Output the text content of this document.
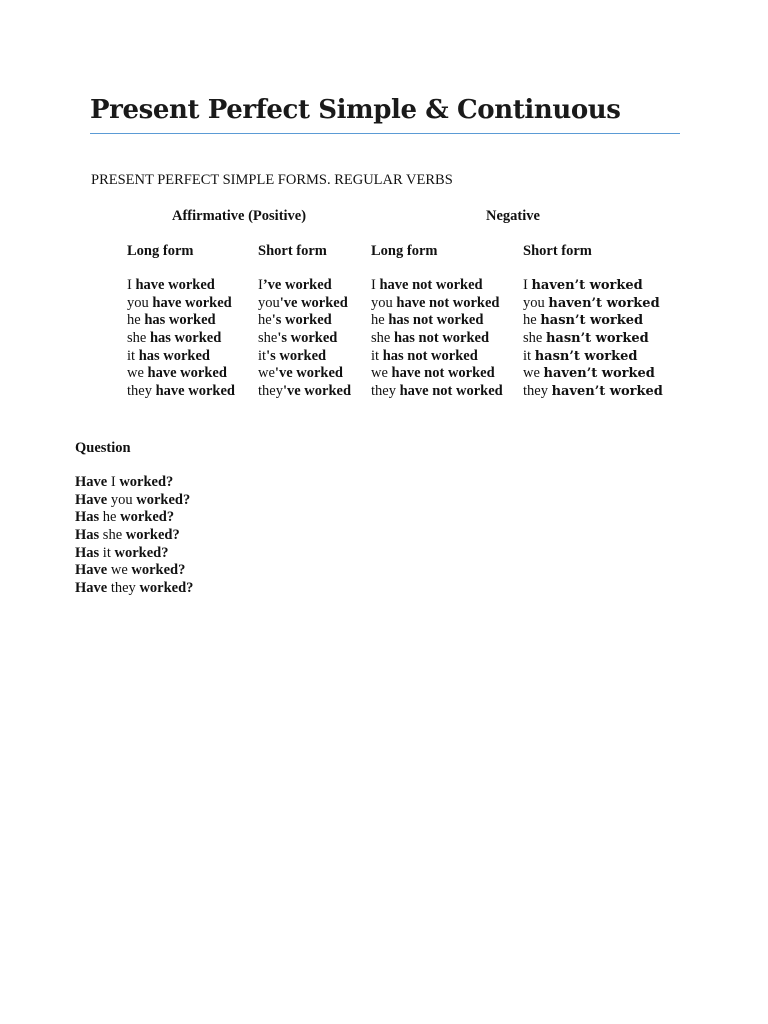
Present Perfect Simple & Continuous
PRESENT PERFECT SIMPLE FORMS. REGULAR VERBS
Affirmative (Positive)	Negative
Long form
I have worked
you have worked
he has worked
she has worked
it has worked
we have worked
they have worked
Short form
I’ve worked
you've worked
he's worked
she's worked
it's worked
we've worked
they've worked
Long form
I have not worked
you have not worked
he has not worked
she has not worked
it has not worked
we have not worked
they have not worked
Short form
I haven’t worked
you haven’t worked
he hasn’t worked
she hasn’t worked
it hasn’t worked
we haven’t worked
they haven’t worked
Question
Have I worked?
Have you worked?
Has he worked?
Has she worked?
Has it worked?
Have we worked?
Have they worked?
